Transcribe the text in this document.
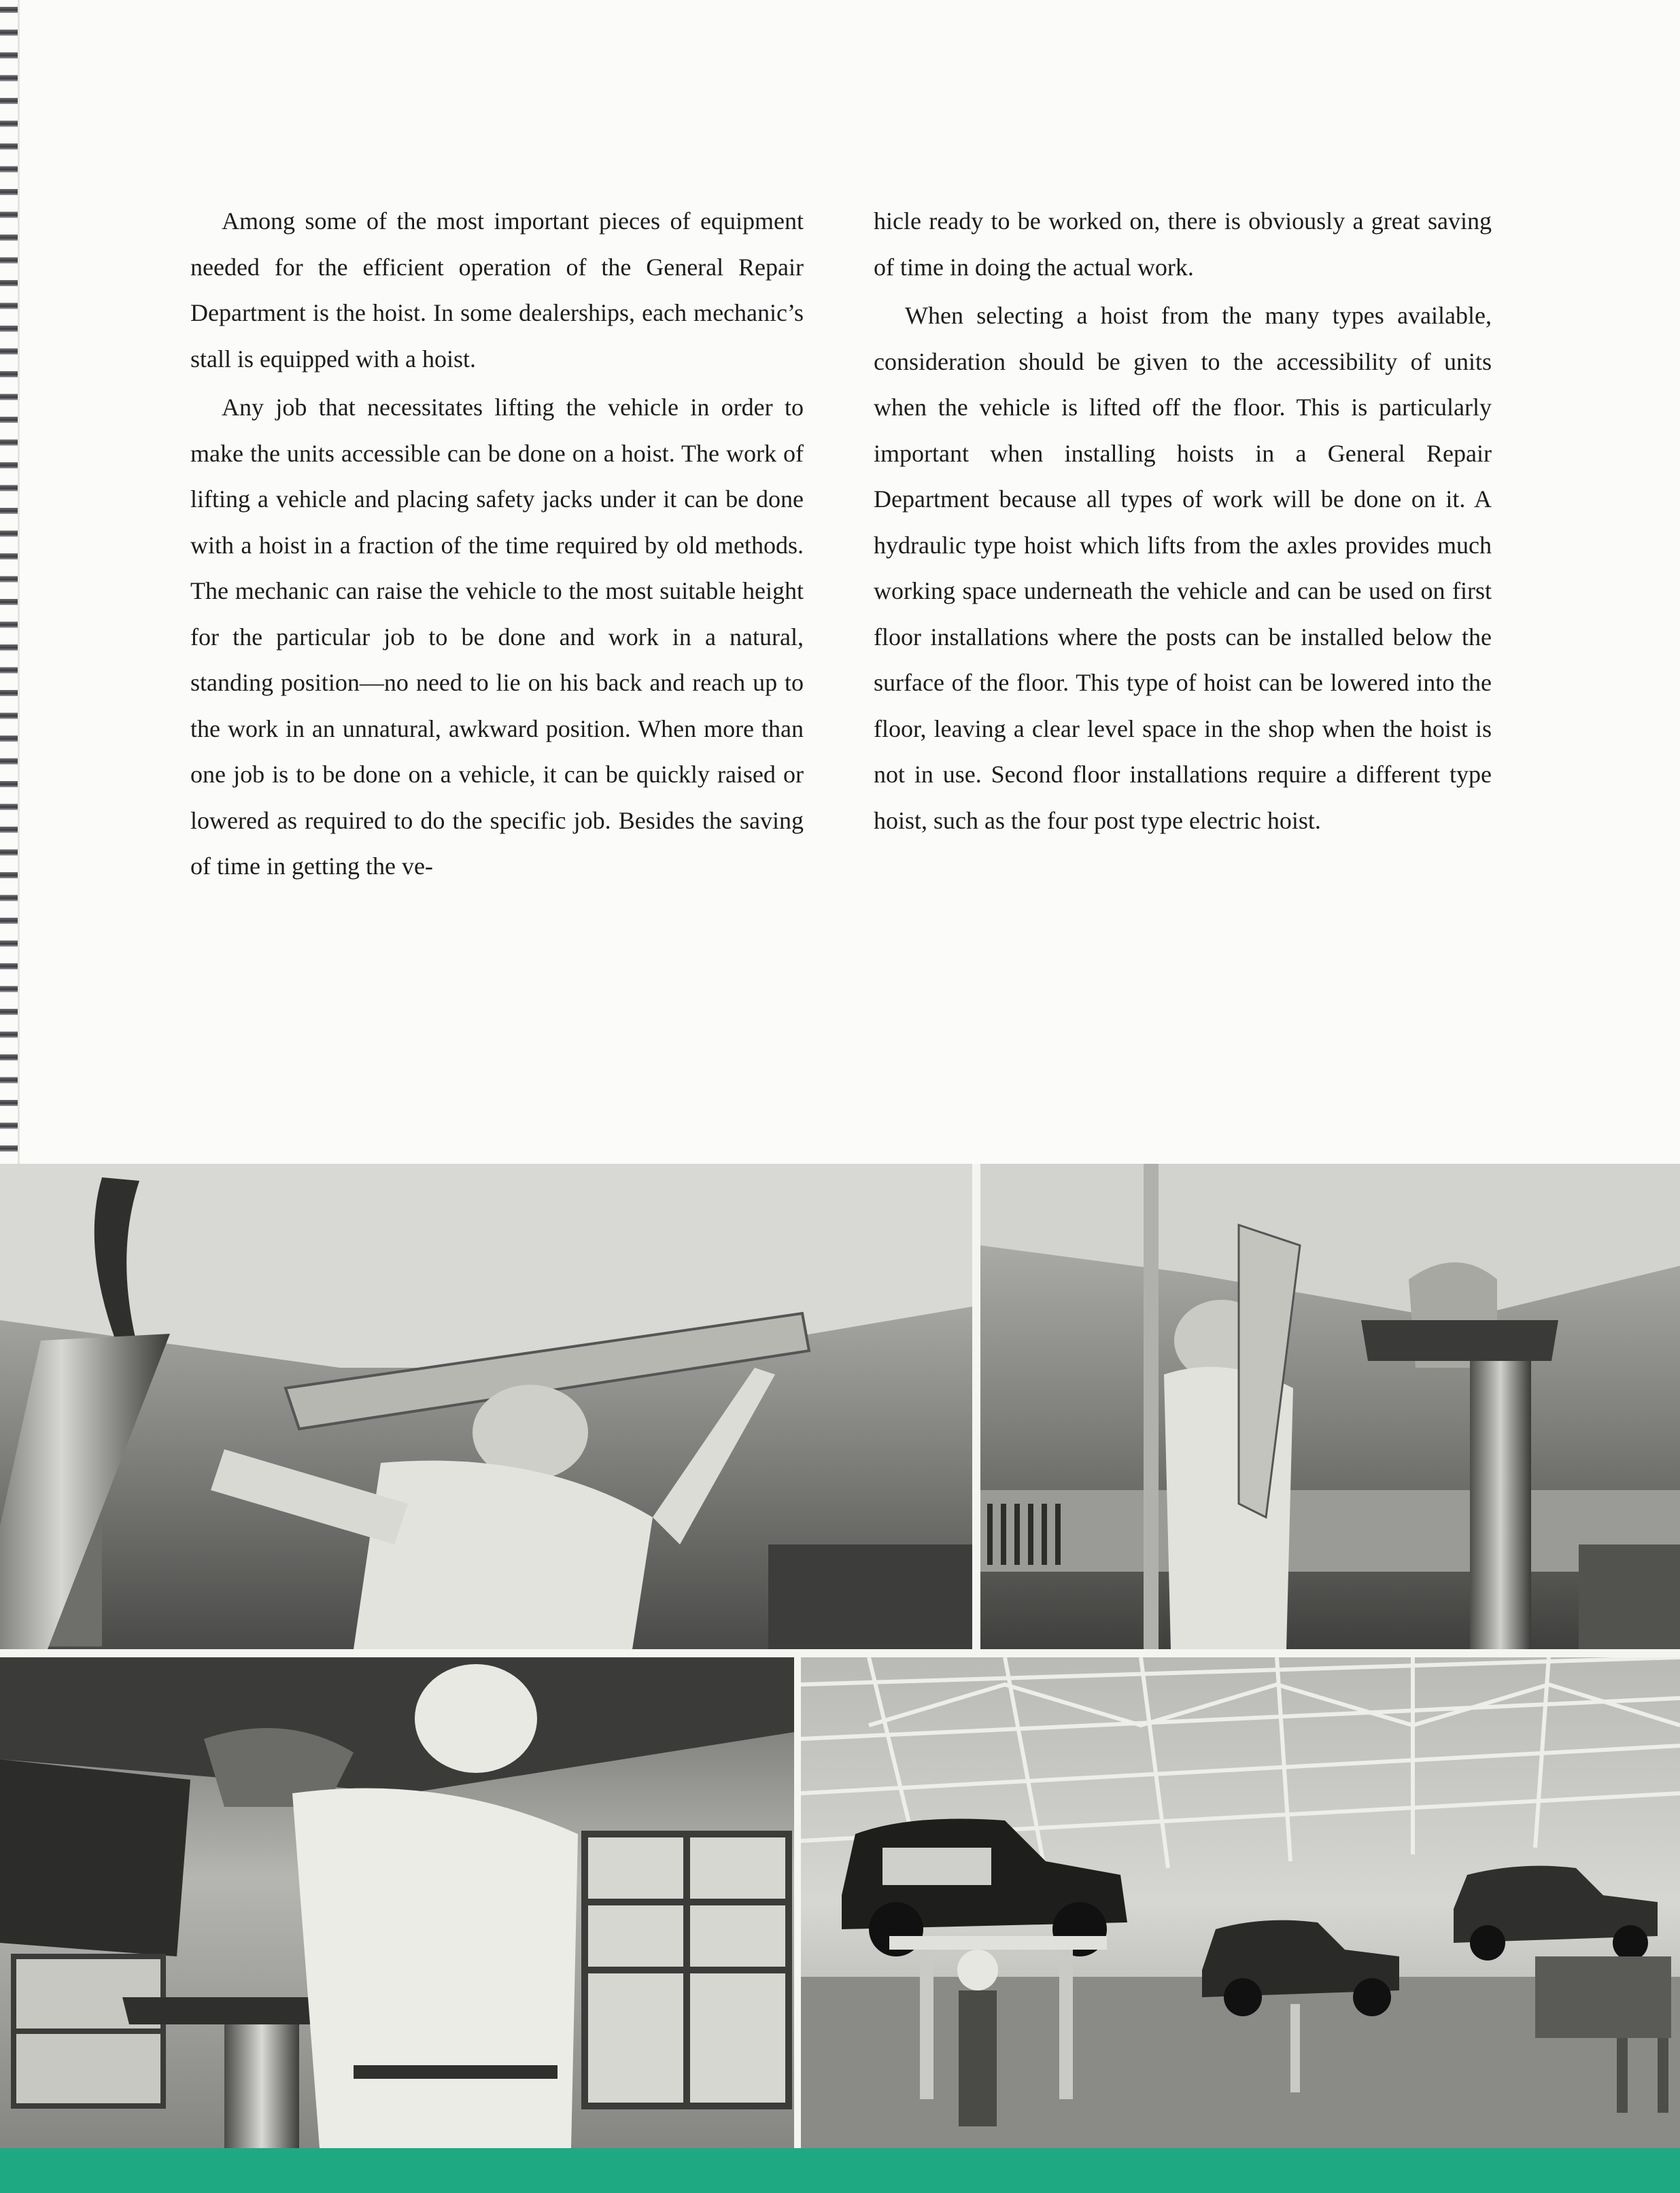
Among some of the most important pieces of equipment needed for the efficient operation of the General Repair Department is the hoist. In some dealerships, each mechanic’s stall is equipped with a hoist.

Any job that necessitates lifting the vehicle in order to make the units accessible can be done on a hoist. The work of lifting a vehicle and placing safety jacks under it can be done with a hoist in a fraction of the time required by old methods. The mechanic can raise the vehicle to the most suitable height for the particular job to be done and work in a natural, standing position—no need to lie on his back and reach up to the work in an unnatural, awkward position. When more than one job is to be done on a vehicle, it can be quickly raised or lowered as required to do the specific job. Besides the saving of time in getting the ve-

hicle ready to be worked on, there is obviously a great saving of time in doing the actual work.

When selecting a hoist from the many types available, consideration should be given to the accessibility of units when the vehicle is lifted off the floor. This is particularly important when installing hoists in a General Repair Department because all types of work will be done on it. A hydraulic type hoist which lifts from the axles provides much working space underneath the vehicle and can be used on first floor installations where the posts can be installed below the surface of the floor. This type of hoist can be lowered into the floor, leaving a clear level space in the shop when the hoist is not in use. Second floor installations require a different type hoist, such as the four post type electric hoist.
